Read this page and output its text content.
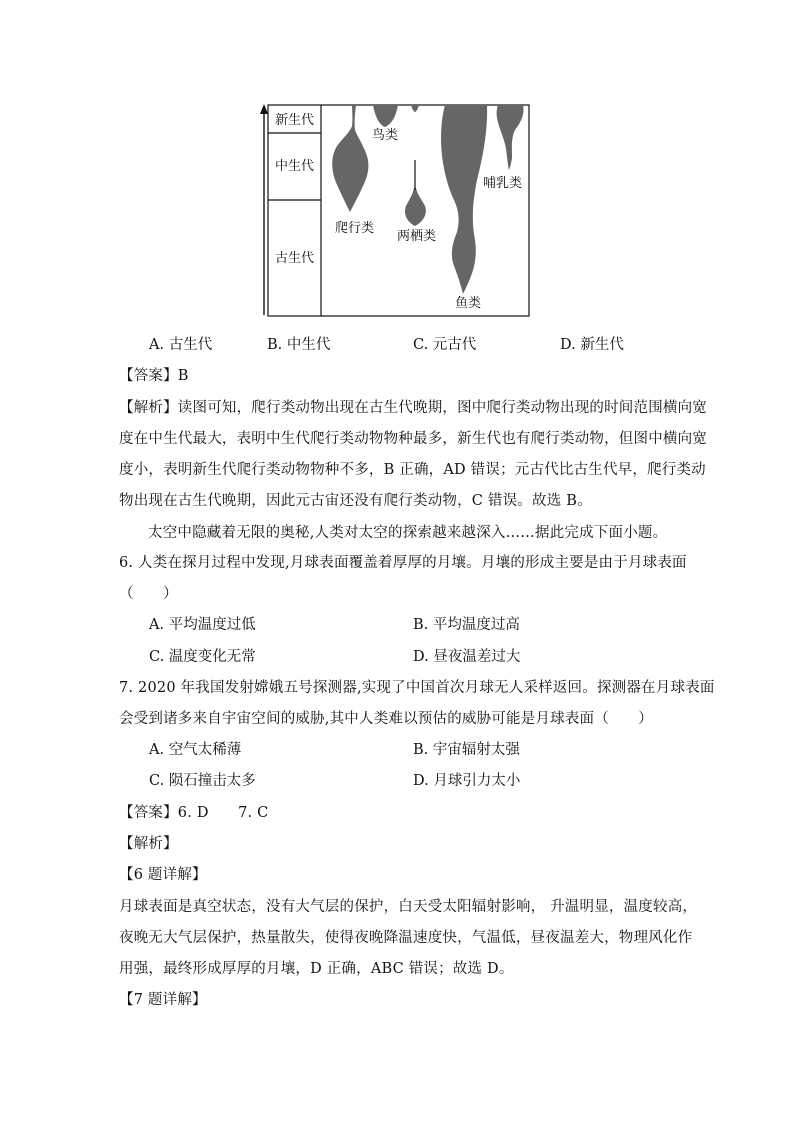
新生代
中生代
古生代
鸟类
爬行类
两栖类
哺乳类
鱼类
A. 古生代	B. 中生代	C. 元古代	D. 新生代
【答案】B
【解析】读图可知，爬行类动物出现在古生代晚期，图中爬行类动物出现的时间范围横向宽
度在中生代最大，表明中生代爬行类动物物种最多，新生代也有爬行类动物，但图中横向宽
度小，表明新生代爬行类动物物种不多，B 正确，AD 错误；元古代比古生代早，爬行类动
物出现在古生代晚期，因此元古宙还没有爬行类动物，C 错误。故选 B。
太空中隐藏着无限的奥秘,人类对太空的探索越来越深入……据此完成下面小题。
6. 人类在探月过程中发现,月球表面覆盖着厚厚的月壤。月壤的形成主要是由于月球表面
（　　）
A. 平均温度过低	B. 平均温度过高
C. 温度变化无常	D. 昼夜温差过大
7. 2020 年我国发射嫦娥五号探测器,实现了中国首次月球无人采样返回。探测器在月球表面
会受到诸多来自宇宙空间的威胁,其中人类难以预估的威胁可能是月球表面（　　）
A. 空气太稀薄	B. 宇宙辐射太强
C. 陨石撞击太多	D. 月球引力太小
【答案】6. D　　7. C
【解析】
【6 题详解】
月球表面是真空状态，没有大气层的保护，白天受太阳辐射影响， 升温明显，温度较高，
夜晚无大气层保护，热量散失，使得夜晚降温速度快，气温低，昼夜温差大，物理风化作
用强，最终形成厚厚的月壤，D 正确，ABC 错误；故选 D。
【7 题详解】
